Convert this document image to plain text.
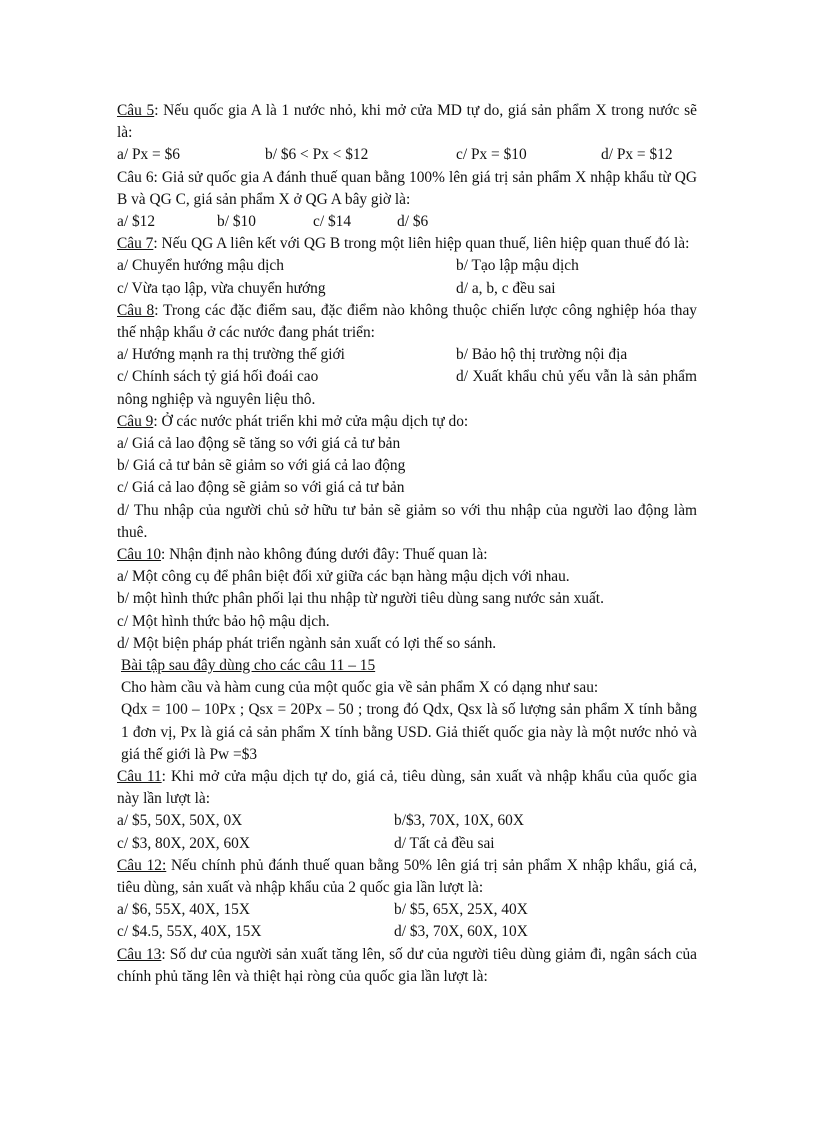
Câu 5: Nếu quốc gia A là 1 nước nhỏ, khi mở cửa MD tự do, giá sản phẩm X trong nước sẽ là:

a/ Px = $6	b/ $6 < Px < $12	c/ Px = $10	d/ Px = $12

Câu 6: Giả sử quốc gia A đánh thuế quan bằng 100% lên giá trị sản phẩm X nhập khẩu từ QG B và QG C, giá sản phẩm X ở QG A bây giờ là:

a/ $12	b/ $10	c/ $14	d/ $6

Câu 7: Nếu QG A liên kết với QG B trong một liên hiệp quan thuế, liên hiệp quan thuế đó là:

a/ Chuyển hướng mậu dịch	b/ Tạo lập mậu dịch
c/ Vừa tạo lập, vừa chuyển hướng	d/ a, b, c đều sai

Câu 8: Trong các đặc điểm sau, đặc điểm nào không thuộc chiến lược công nghiệp hóa thay thế nhập khẩu ở các nước đang phát triển:

a/ Hướng mạnh ra thị trường thế giới	b/ Bảo hộ thị trường nội địa
c/ Chính sách tỷ giá hối đoái cao	d/ Xuất khẩu chủ yếu vẫn là sản phẩm nông nghiệp và nguyên liệu thô.

Câu 9: Ở các nước phát triển khi mở cửa mậu dịch tự do:

a/ Giá cả lao động sẽ tăng so với giá cả tư bản

b/ Giá cả tư bản sẽ giảm so với giá cả lao động

c/ Giá cả lao động sẽ giảm so với giá cả tư bản

d/ Thu nhập của người chủ sở hữu tư bản sẽ giảm so với thu nhập của người lao động làm thuê.

Câu 10: Nhận định nào không đúng dưới đây: Thuế quan là:

a/ Một công cụ để phân biệt đối xử giữa các bạn hàng mậu dịch với nhau.

b/ một hình thức phân phối lại thu nhập từ người tiêu dùng sang nước sản xuất.

c/ Một hình thức bảo hộ mậu dịch.

d/ Một biện pháp phát triển ngành sản xuất có lợi thế so sánh.

Bài tập sau đây dùng cho các câu 11 – 15

Cho hàm cầu và hàm cung của một quốc gia về sản phẩm X có dạng như sau:

Qdx = 100 – 10Px ; Qsx = 20Px – 50 ; trong đó Qdx, Qsx là số lượng sản phẩm X tính bằng 1 đơn vị, Px là giá cả sản phẩm X tính bằng USD. Giả thiết quốc gia này là một nước nhỏ và giá thế giới là Pw =$3

Câu 11: Khi mở cửa mậu dịch tự do, giá cả, tiêu dùng, sản xuất và nhập khẩu của quốc gia này lần lượt là:

a/ $5, 50X, 50X, 0X	b/$3, 70X, 10X, 60X
c/ $3, 80X, 20X, 60X	d/ Tất cả đều sai

Câu 12: Nếu chính phủ đánh thuế quan bằng 50% lên giá trị sản phẩm X nhập khẩu, giá cả, tiêu dùng, sản xuất và nhập khẩu của 2 quốc gia lần lượt là:

a/ $6, 55X, 40X, 15X	b/ $5, 65X, 25X, 40X
c/ $4.5, 55X, 40X, 15X	d/ $3, 70X, 60X, 10X

Câu 13: Số dư của người sản xuất tăng lên, số dư của người tiêu dùng giảm đi, ngân sách của chính phủ tăng lên và thiệt hại ròng của quốc gia lần lượt là:
